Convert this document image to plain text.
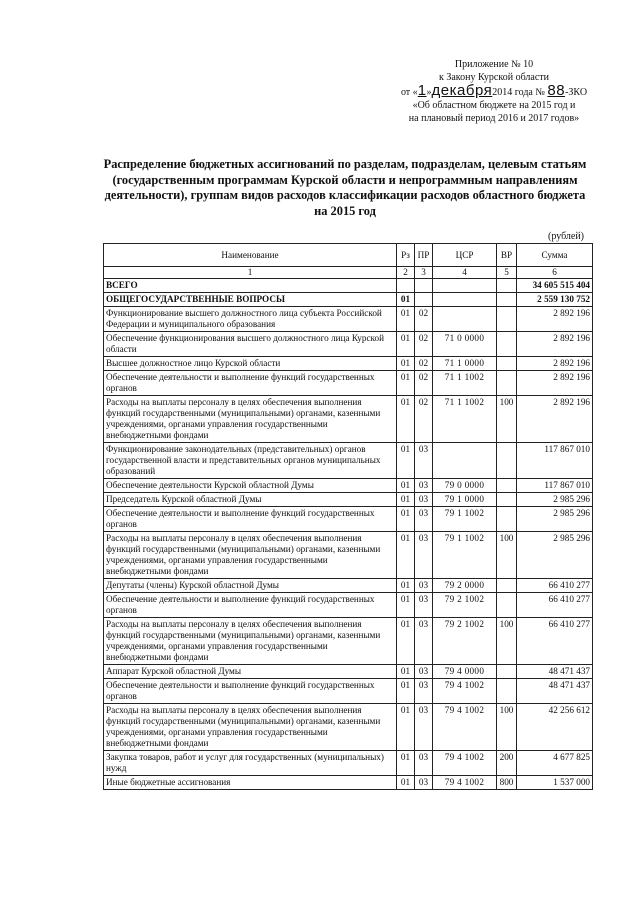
Приложение № 10
к Закону Курской области
от «1»декабря2014 года № 88-ЗКО
«Об областном бюджете на 2015 год и
на плановый период 2016 и 2017 годов»
Распределение бюджетных ассигнований по разделам, подразделам, целевым статьям (государственным программам Курской области и непрограммным направлениям деятельности), группам видов расходов классификации расходов областного бюджета на 2015 год
(рублей)
Наименование	Рз	ПР	ЦСР	ВР	Сумма
1	2	3	4	5	6
ВСЕГО					34 605 515 404
ОБЩЕГОСУДАРСТВЕННЫЕ ВОПРОСЫ	01				2 559 130 752
Функционирование высшего должностного лица субъекта Российской Федерации и муниципального образования	01	02			2 892 196
Обеспечение функционирования высшего должностного лица Курской области	01	02	71 0 0000		2 892 196
Высшее должностное лицо Курской области	01	02	71 1 0000		2 892 196
Обеспечение деятельности и выполнение функций государственных органов	01	02	71 1 1002		2 892 196
Расходы на выплаты персоналу в целях обеспечения выполнения функций государственными (муниципальными) органами, казенными учреждениями, органами управления государственными внебюджетными фондами	01	02	71 1 1002	100	2 892 196
Функционирование законодательных (представительных) органов государственной власти и представительных органов муниципальных образований	01	03			117 867 010
Обеспечение деятельности Курской областной Думы	01	03	79 0 0000		117 867 010
Председатель Курской областной Думы	01	03	79 1 0000		2 985 296
Обеспечение деятельности и выполнение функций государственных органов	01	03	79 1 1002		2 985 296
Расходы на выплаты персоналу в целях обеспечения выполнения функций государственными (муниципальными) органами, казенными учреждениями, органами управления государственными внебюджетными фондами	01	03	79 1 1002	100	2 985 296
Депутаты (члены) Курской областной Думы	01	03	79 2 0000		66 410 277
Обеспечение деятельности и выполнение функций государственных органов	01	03	79 2 1002		66 410 277
Расходы на выплаты персоналу в целях обеспечения выполнения функций государственными (муниципальными) органами, казенными учреждениями, органами управления государственными внебюджетными фондами	01	03	79 2 1002	100	66 410 277
Аппарат Курской областной Думы	01	03	79 4 0000		48 471 437
Обеспечение деятельности и выполнение функций государственных органов	01	03	79 4 1002		48 471 437
Расходы на выплаты персоналу в целях обеспечения выполнения функций государственными (муниципальными) органами, казенными учреждениями, органами управления государственными внебюджетными фондами	01	03	79 4 1002	100	42 256 612
Закупка товаров, работ и услуг для государственных (муниципальных) нужд	01	03	79 4 1002	200	4 677 825
Иные бюджетные ассигнования	01	03	79 4 1002	800	1 537 000
